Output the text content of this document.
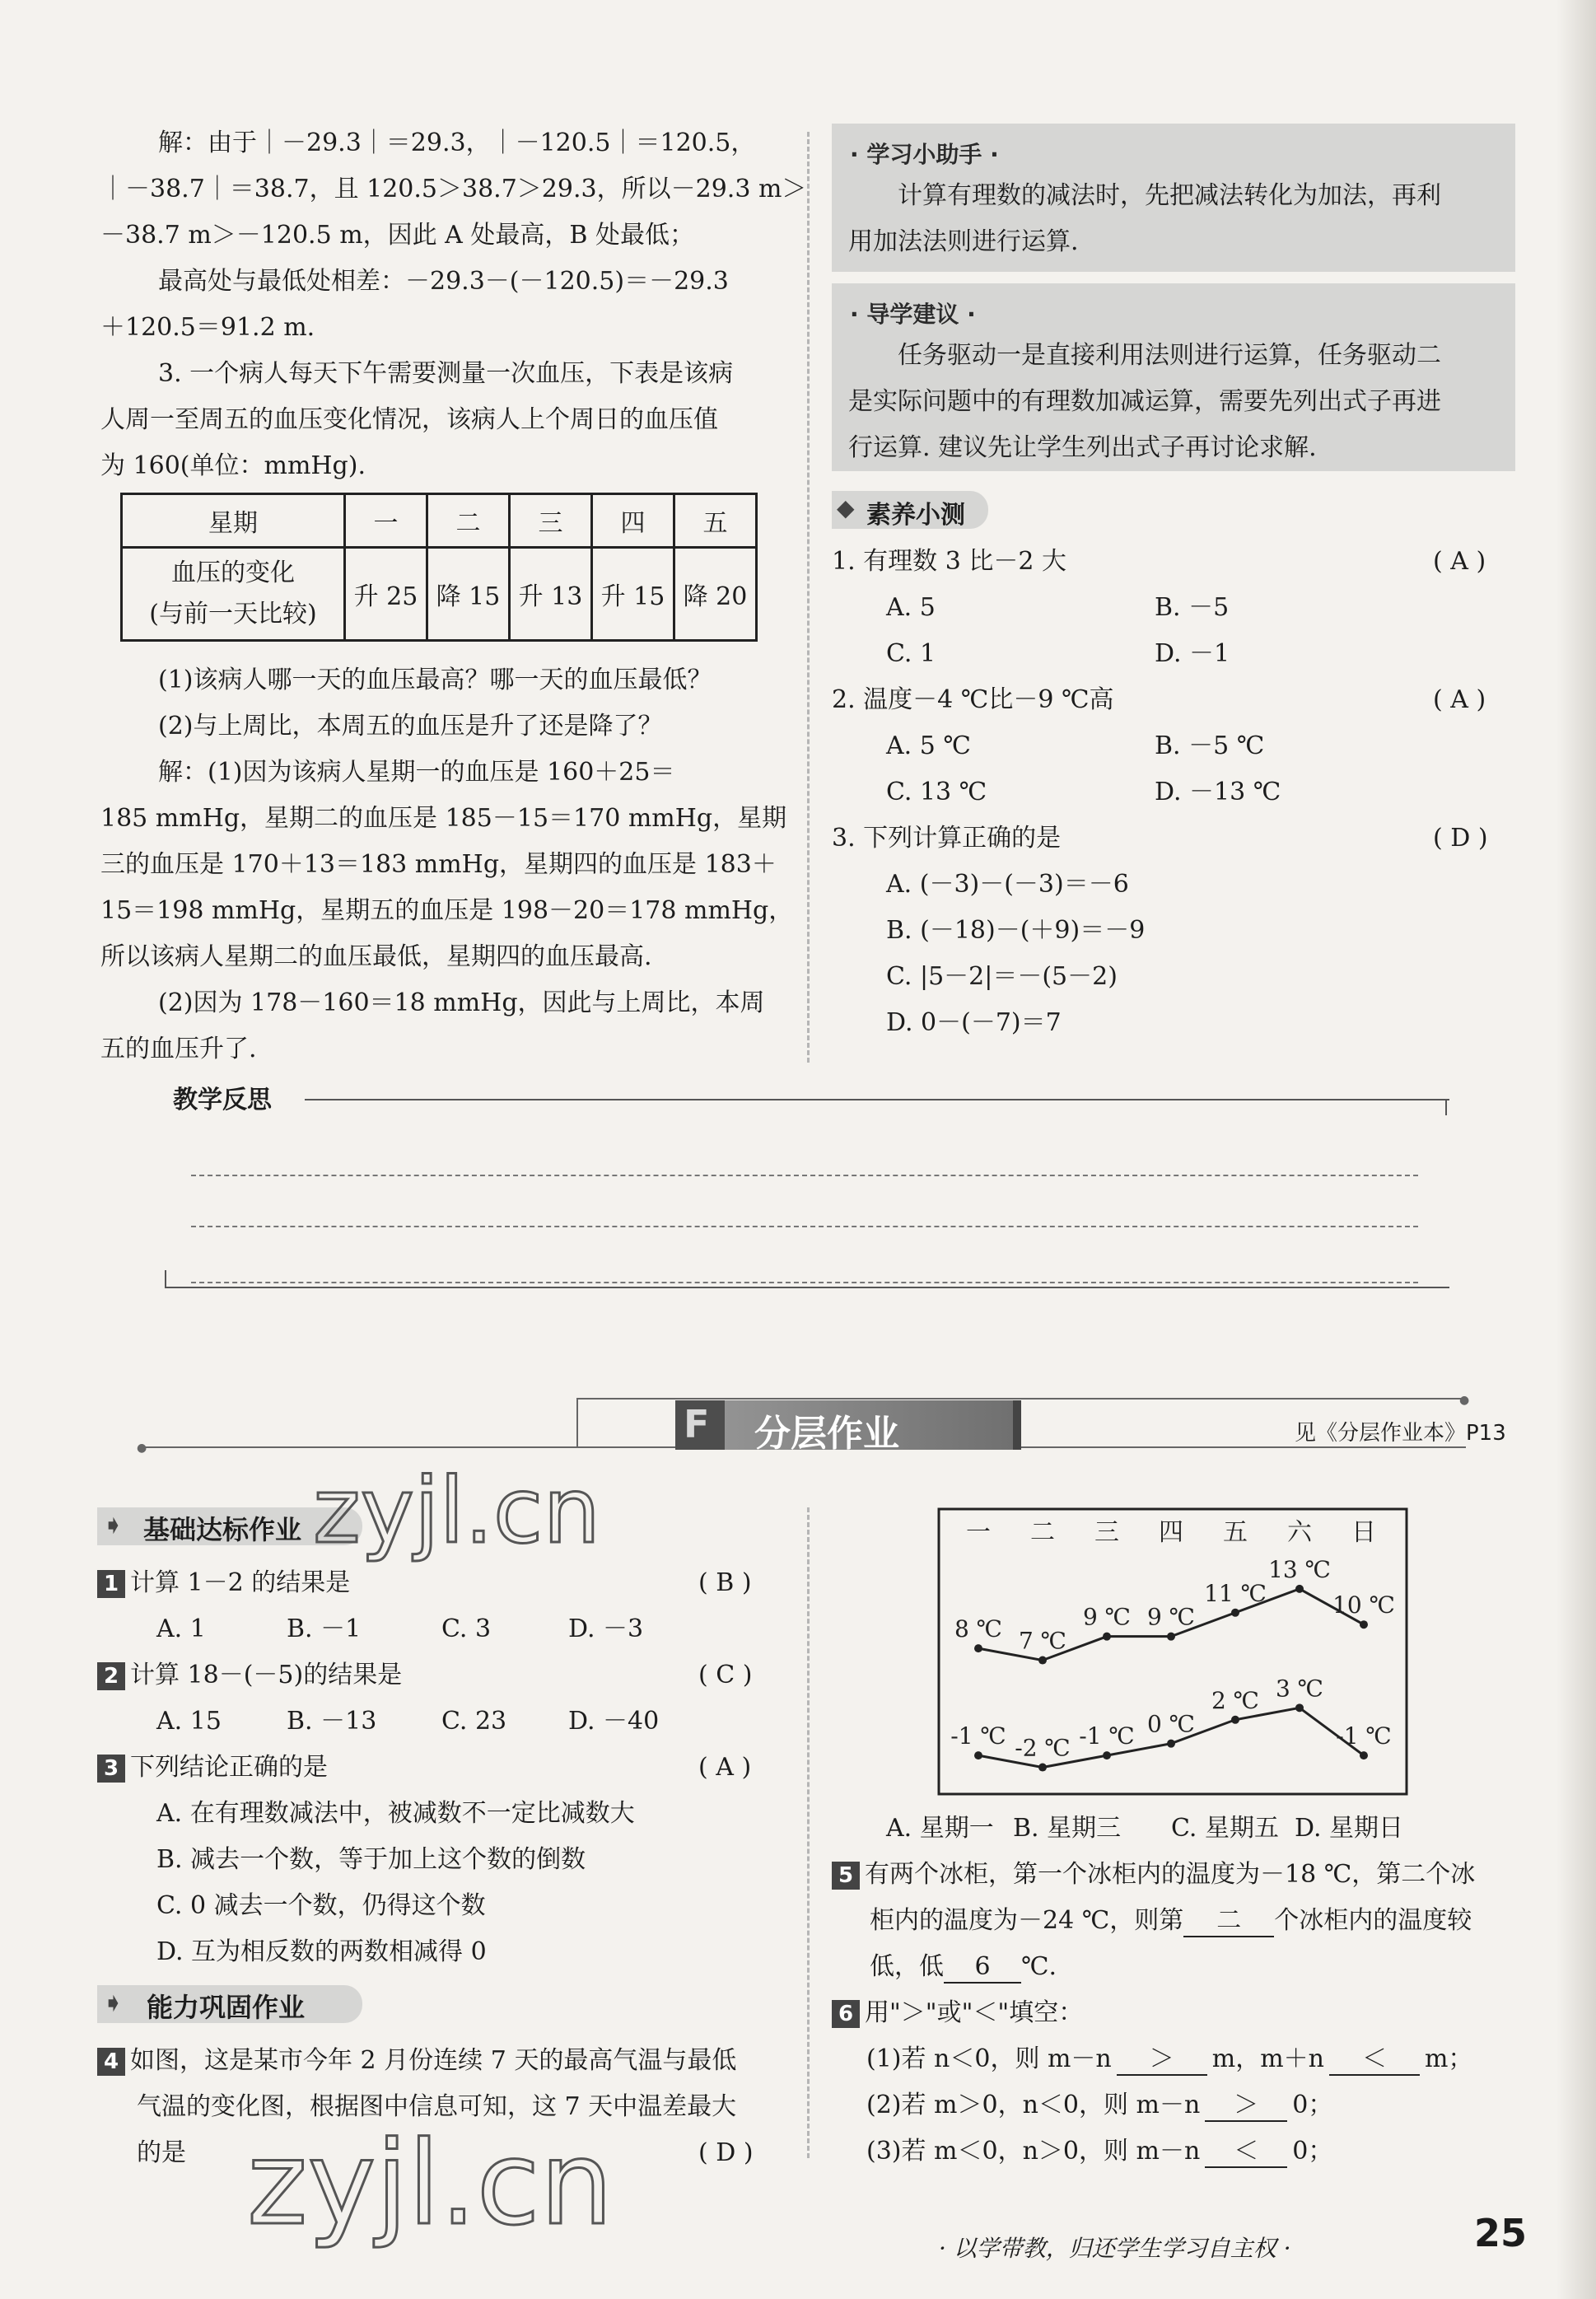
解：由于｜－29.3｜＝29.3，｜－120.5｜＝120.5，
｜－38.7｜＝38.7，且 120.5＞38.7＞29.3，所以－29.3 m＞
－38.7 m＞－120.5 m，因此 A 处最高，B 处最低；
最高处与最低处相差：－29.3－(－120.5)＝－29.3
＋120.5＝91.2 m.
3. 一个病人每天下午需要测量一次血压，下表是该病
人周一至周五的血压变化情况，该病人上个周日的血压值
为 160(单位：mmHg).
星期	一	二	三	四	五

血压的变化
(与前一天比较)	升 25	降 15	升 13	升 15	降 20
(1)该病人哪一天的血压最高？哪一天的血压最低？
(2)与上周比，本周五的血压是升了还是降了？
解：(1)因为该病人星期一的血压是 160＋25＝
185 mmHg，星期二的血压是 185－15＝170 mmHg，星期
三的血压是 170＋13＝183 mmHg，星期四的血压是 183＋
15＝198 mmHg，星期五的血压是 198－20＝178 mmHg，
所以该病人星期二的血压最低，星期四的血压最高.
(2)因为 178－160＝18 mmHg，因此与上周比，本周
五的血压升了.
· 学习小助手 ·
计算有理数的减法时，先把减法转化为加法，再利
用加法法则进行运算.
· 导学建议 ·
任务驱动一是直接利用法则进行运算，任务驱动二
是实际问题中的有理数加减运算，需要先列出式子再进
行运算. 建议先让学生列出式子再讨论求解.
◆ 素养小测
1. 有理数 3 比－2 大	( A )
A. 5	B. －5
C. 1	D. －1
2. 温度－4 ℃比－9 ℃高	( A )
A. 5 ℃	B. －5 ℃
C. 13 ℃	D. －13 ℃
3. 下列计算正确的是	( D )
A. (－3)－(－3)＝－6
B. (－18)－(＋9)＝－9
C. |5－2|＝－(5－2)
D. 0－(－7)＝7
教学反思
●
●
F 分层作业	见《分层作业本》P13
➧ 基础达标作业
1 计算 1－2 的结果是	( B )
A. 1	B. －1	C. 3	D. －3
2 计算 18－(－5)的结果是	( C )
A. 15	B. －13	C. 23 D. －40
3 下列结论正确的是	( A )
A. 在有理数减法中，被减数不一定比减数大
B. 减去一个数，等于加上这个数的倒数
C. 0 减去一个数，仍得这个数
D. 互为相反数的两数相减得 0
➧ 能力巩固作业
4 如图，这是某市今年 2 月份连续 7 天的最高气温与最低
气温的变化图，根据图中信息可知，这 7 天中温差最大
的是	( D )
一 二 三 四 五 六 日
8 ℃ 7 ℃
9 ℃ 9 ℃
11 ℃
13 ℃
10 ℃
-1 ℃ -2 ℃ -1 ℃ 0 ℃
2 ℃ 3 ℃
-1 ℃
A. 星期一 B. 星期三 C. 星期五 D. 星期日
5 有两个冰柜，第一个冰柜内的温度为－18 ℃，第二个冰
柜内的温度为－24 ℃，则第 二 个冰柜内的温度较
低，低 6 ℃.
6 用"＞"或"＜"填空：
(1)若 n＜0，则 m－n ＞ m，m＋n ＜ m；
(2)若 m＞0，n＜0，则 m－n ＞ 0；
(3)若 m＜0，n＞0，则 m－n ＜ 0；
· 以学带教，归还学生学习自主权 ·	25
zyjl.cn
zyjl.cn
